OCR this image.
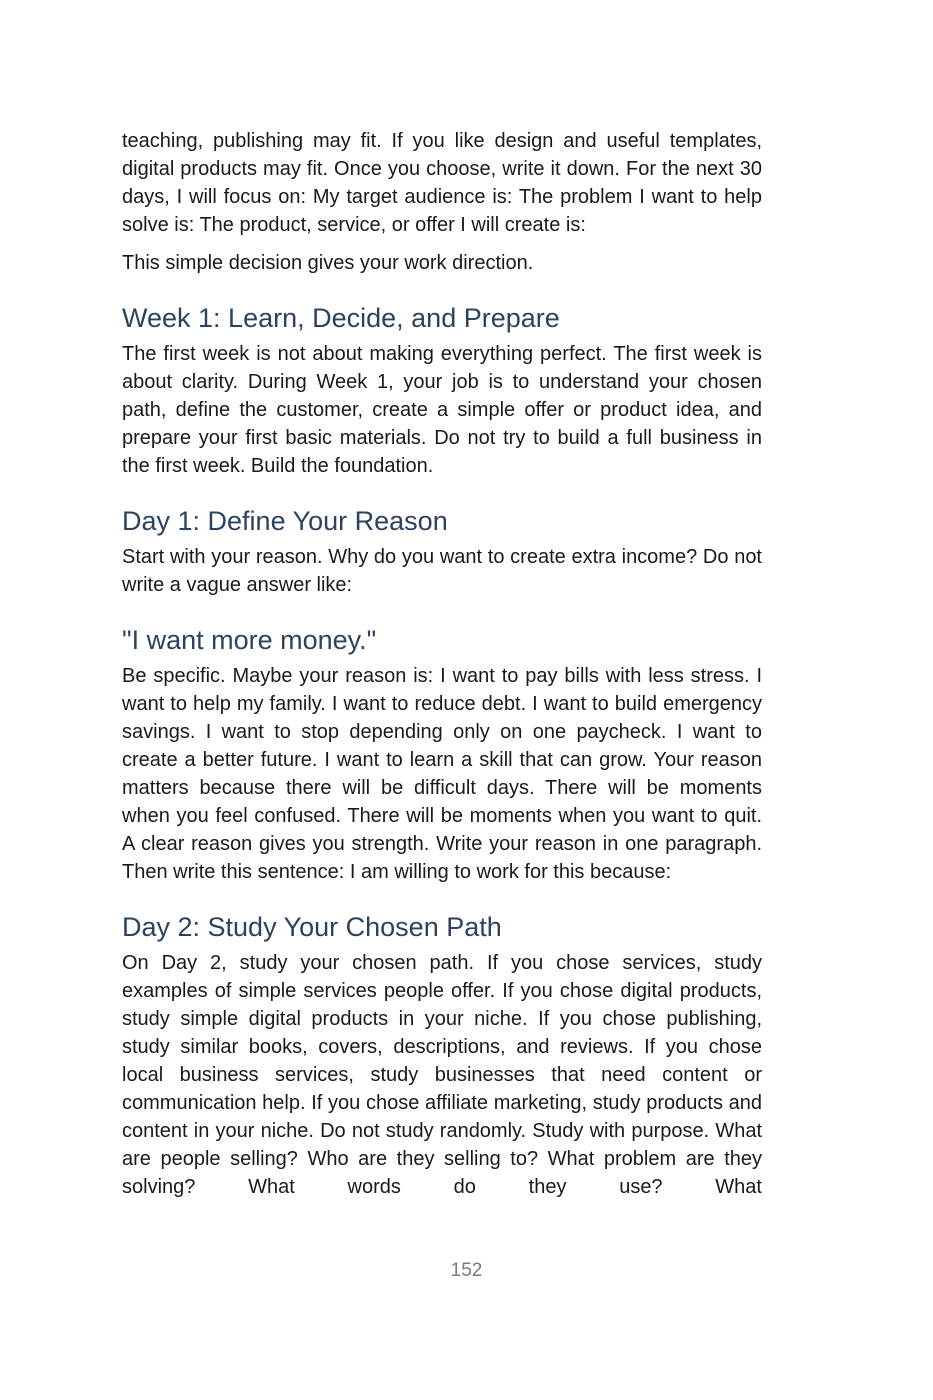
teaching, publishing may fit. If you like design and useful templates, digital products may fit. Once you choose, write it down. For the next 30 days, I will focus on: My target audience is: The problem I want to help solve is: The product, service, or offer I will create is:

This simple decision gives your work direction.

Week 1: Learn, Decide, and Prepare

The first week is not about making everything perfect. The first week is about clarity. During Week 1, your job is to understand your chosen path, define the customer, create a simple offer or product idea, and prepare your first basic materials. Do not try to build a full business in the first week. Build the foundation.

Day 1: Define Your Reason

Start with your reason. Why do you want to create extra income? Do not write a vague answer like:

"I want more money."

Be specific. Maybe your reason is: I want to pay bills with less stress. I want to help my family. I want to reduce debt. I want to build emergency savings. I want to stop depending only on one paycheck. I want to create a better future. I want to learn a skill that can grow. Your reason matters because there will be difficult days. There will be moments when you feel confused. There will be moments when you want to quit. A clear reason gives you strength. Write your reason in one paragraph. Then write this sentence: I am willing to work for this because:

Day 2: Study Your Chosen Path

On Day 2, study your chosen path. If you chose services, study examples of simple services people offer. If you chose digital products, study simple digital products in your niche. If you chose publishing, study similar books, covers, descriptions, and reviews. If you chose local business services, study businesses that need content or communication help. If you chose affiliate marketing, study products and content in your niche. Do not study randomly. Study with purpose. What are people selling? Who are they selling to? What problem are they solving? What words do they use? What

152
